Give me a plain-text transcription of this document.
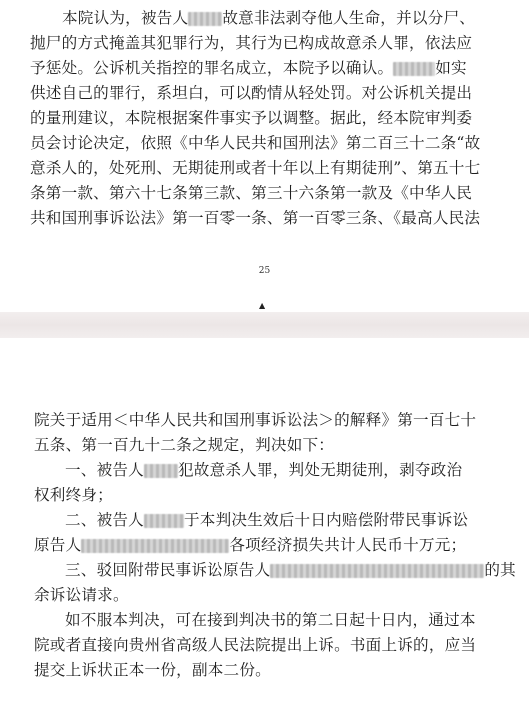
本院认为，被告人 故意非法剥夺他人生命，并以分尸、
抛尸的方式掩盖其犯罪行为，其行为已构成故意杀人罪，依法应
予惩处。公诉机关指控的罪名成立，本院予以确认。	如实
供述自己的罪行，系坦白，可以酌情从轻处罚。对公诉机关提出
的量刑建议，本院根据案件事实予以调整。据此，经本院审判委
员会讨论决定，依照《中华人民共和国刑法》第二百三十二条“故
意杀人的，处死刑、无期徒刑或者十年以上有期徒刑”、第五十七
条第一款、第六十七条第三款、第三十六条第一款及《中华人民
共和国刑事诉讼法》第一百零一条、第一百零三条、《最高人民法
25
▲
院关于适用＜中华人民共和国刑事诉讼法＞的解释》第一百七十
五条、第一百九十二条之规定，判决如下：
一、被告人 犯故意杀人罪，判处无期徒刑，剥夺政治
权利终身；
二、被告人	于本判决生效后十日内赔偿附带民事诉讼
原告人	各项经济损失共计人民币十万元；
三、驳回附带民事诉讼原告人	的其
余诉讼请求。
如不服本判决，可在接到判决书的第二日起十日内，通过本
院或者直接向贵州省高级人民法院提出上诉。书面上诉的，应当
提交上诉状正本一份，副本二份。
